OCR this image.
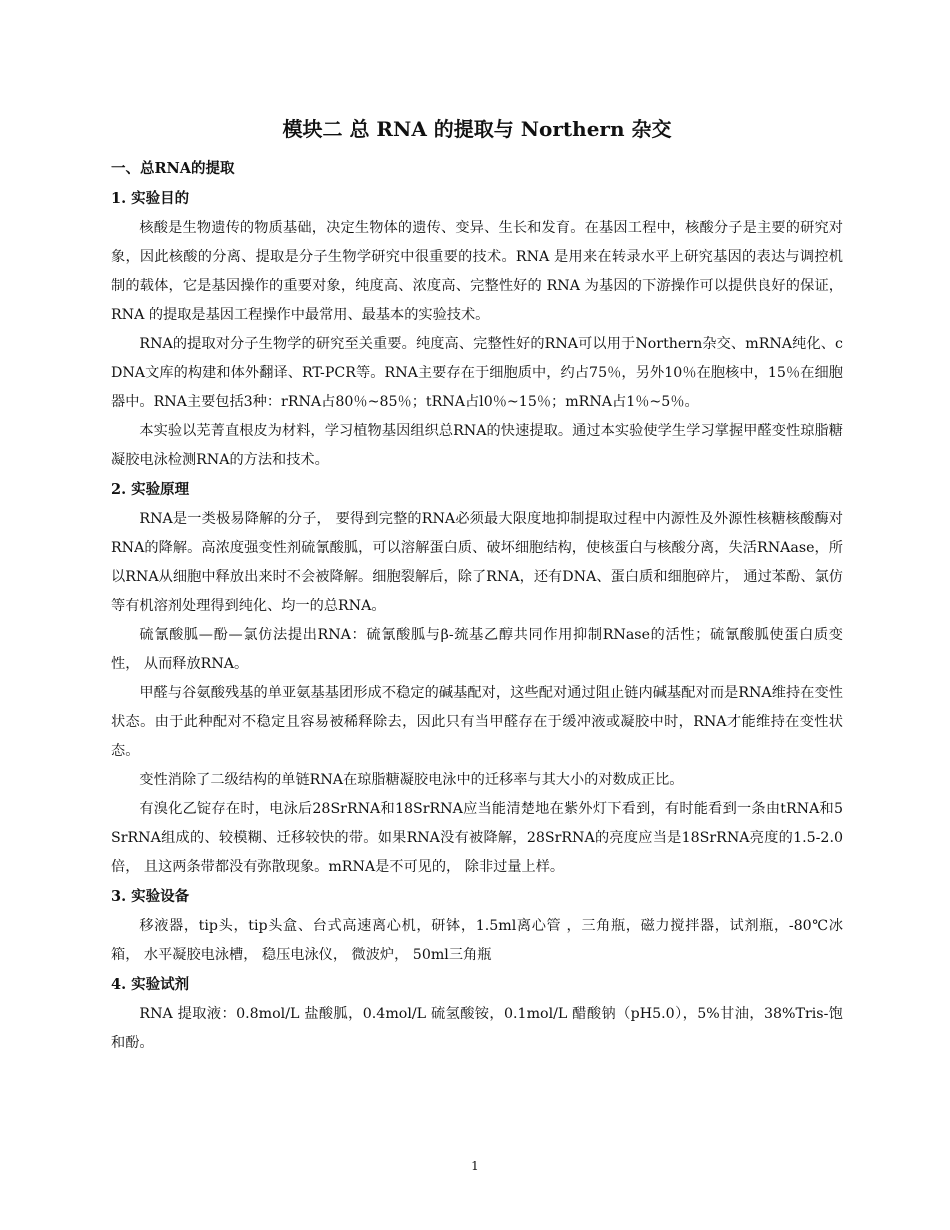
模块二 总 RNA 的提取与 Northern 杂交
一、总RNA的提取
1. 实验目的

核酸是生物遗传的物质基础，决定生物体的遗传、变异、生长和发育。在基因工程中，核酸分子是主要的研究对象，因此核酸的分离、提取是分子生物学研究中很重要的技术。RNA 是用来在转录水平上研究基因的表达与调控机制的载体，它是基因操作的重要对象，纯度高、浓度高、完整性好的 RNA 为基因的下游操作可以提供良好的保证，RNA 的提取是基因工程操作中最常用、最基本的实验技术。

RNA的提取对分子生物学的研究至关重要。纯度高、完整性好的RNA可以用于Northern杂交、mRNA纯化、cDNA文库的构建和体外翻译、RT-PCR等。RNA主要存在于细胞质中，约占75％，另外10％在胞核中，15％在细胞器中。RNA主要包括3种：rRNA占80％~85％；tRNA占l0％~15％；mRNA占1％~5％。

本实验以芜菁直根皮为材料，学习植物基因组织总RNA的快速提取。通过本实验使学生学习掌握甲醛变性琼脂糖凝胶电泳检测RNA的方法和技术。

2. 实验原理

RNA是一类极易降解的分子， 要得到完整的RNA必须最大限度地抑制提取过程中内源性及外源性核糖核酸酶对RNA的降解。高浓度强变性剂硫氰酸胍，可以溶解蛋白质、破坏细胞结构，使核蛋白与核酸分离，失活RNAase，所以RNA从细胞中释放出来时不会被降解。细胞裂解后，除了RNA，还有DNA、蛋白质和细胞碎片， 通过苯酚、氯仿等有机溶剂处理得到纯化、均一的总RNA。

硫氰酸胍—酚—氯仿法提出RNA：硫氰酸胍与β-巯基乙醇共同作用抑制RNase的活性；硫氰酸胍使蛋白质变性， 从而释放RNA。

甲醛与谷氨酸残基的单亚氨基基团形成不稳定的碱基配对，这些配对通过阻止链内碱基配对而是RNA维持在变性状态。由于此种配对不稳定且容易被稀释除去，因此只有当甲醛存在于缓冲液或凝胶中时，RNA才能维持在变性状态。

变性消除了二级结构的单链RNA在琼脂糖凝胶电泳中的迁移率与其大小的对数成正比。

有溴化乙锭存在时，电泳后28SrRNA和18SrRNA应当能清楚地在紫外灯下看到，有时能看到一条由tRNA和5SrRNA组成的、较模糊、迁移较快的带。如果RNA没有被降解，28SrRNA的亮度应当是18SrRNA亮度的1.5-2.0倍， 且这两条带都没有弥散现象。mRNA是不可见的， 除非过量上样。

3. 实验设备

移液器，tip头，tip头盒、台式高速离心机，研钵，1.5ml离心管 ，三角瓶，磁力搅拌器，试剂瓶，-80℃冰箱， 水平凝胶电泳槽， 稳压电泳仪， 微波炉， 50ml三角瓶

4. 实验试剂

RNA 提取液：0.8mol/L 盐酸胍，0.4mol/L 硫氢酸铵，0.1mol/L 醋酸钠（pH5.0），5%甘油，38%Tris-饱和酚。

1
